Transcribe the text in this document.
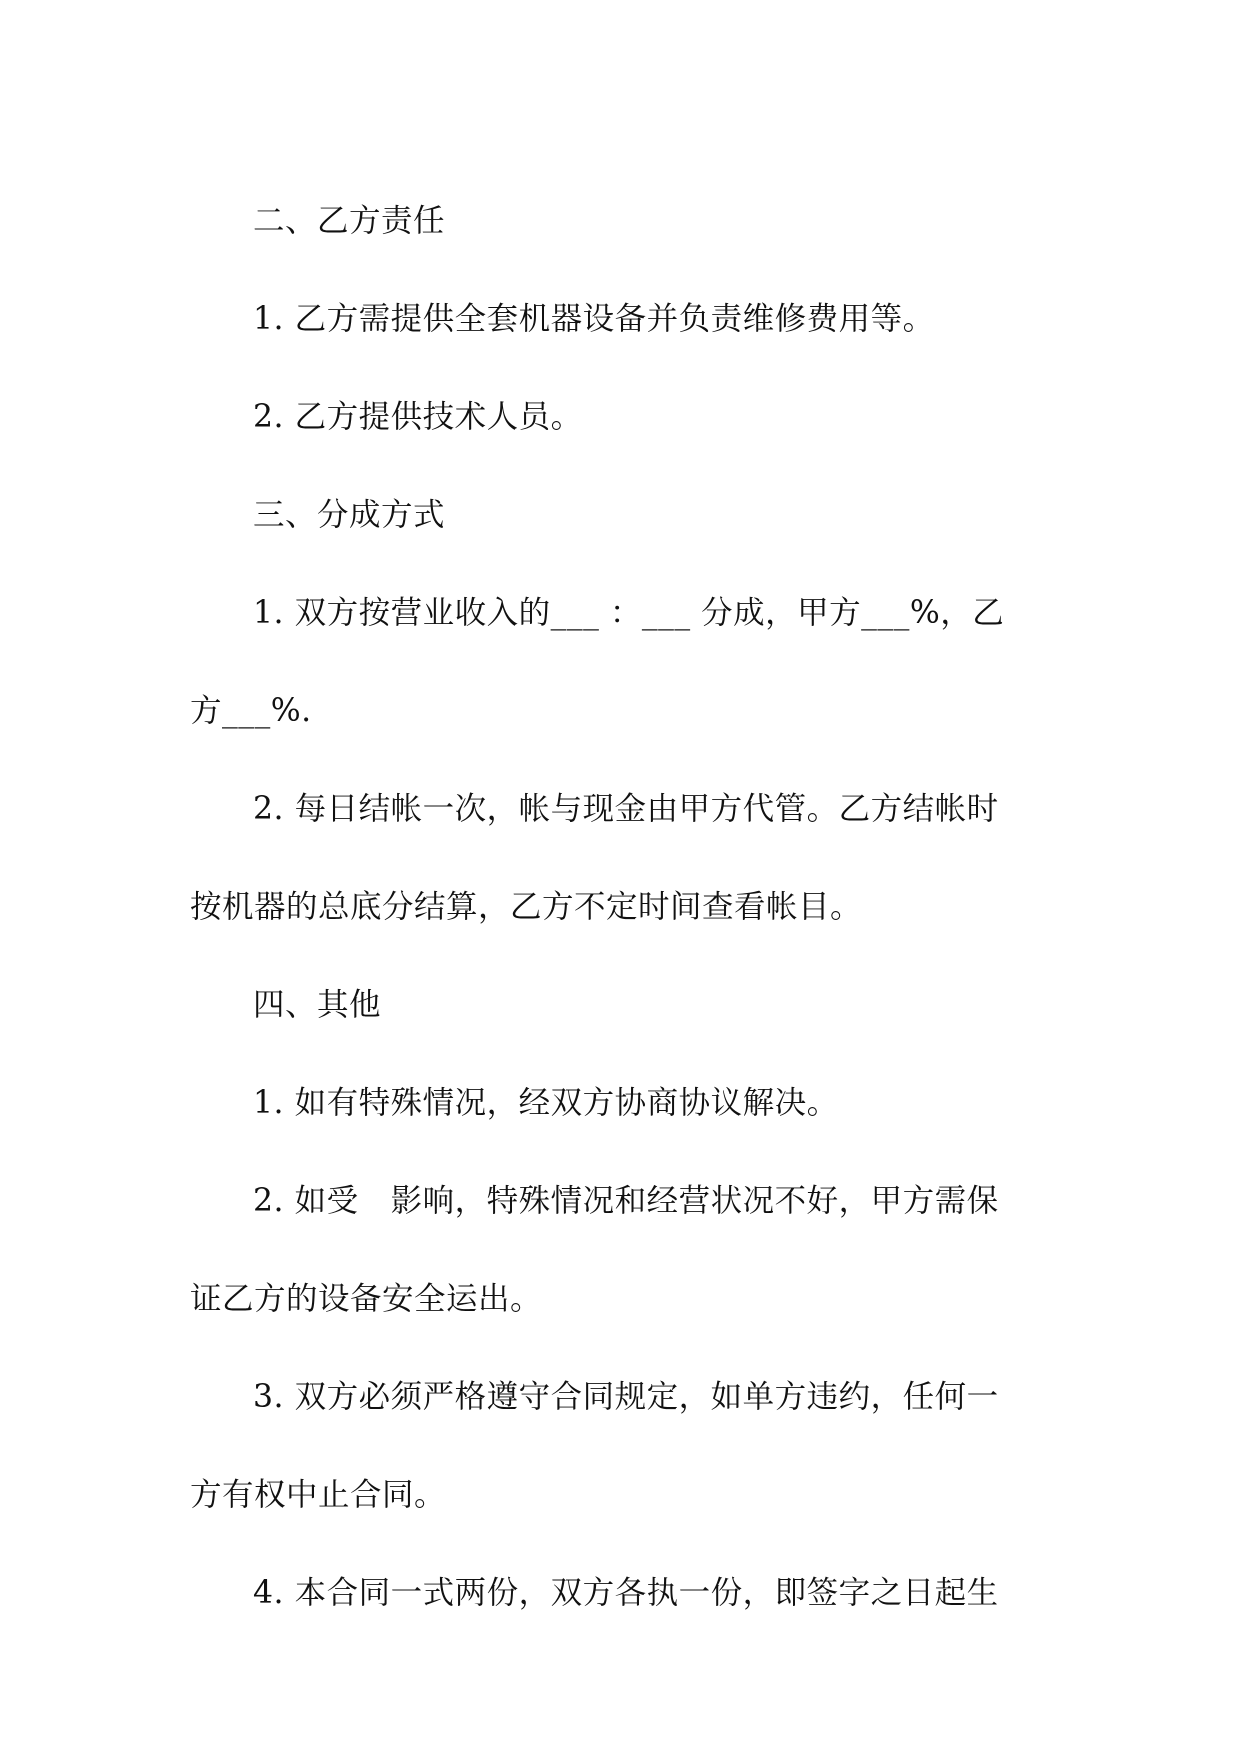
二、乙方责任

1. 乙方需提供全套机器设备并负责维修费用等。

2. 乙方提供技术人员。

三、分成方式

1. 双方按营业收入的___ ：___ 分成，甲方___%，乙方___%.

2. 每日结帐一次，帐与现金由甲方代管。乙方结帐时按机器的总底分结算，乙方不定时间查看帐目。

四、其他

1. 如有特殊情况，经双方协商协议解决。

2. 如受　影响，特殊情况和经营状况不好，甲方需保证乙方的设备安全运出。

3. 双方必须严格遵守合同规定，如单方违约，任何一方有权中止合同。

4. 本合同一式两份，双方各执一份，即签字之日起生
